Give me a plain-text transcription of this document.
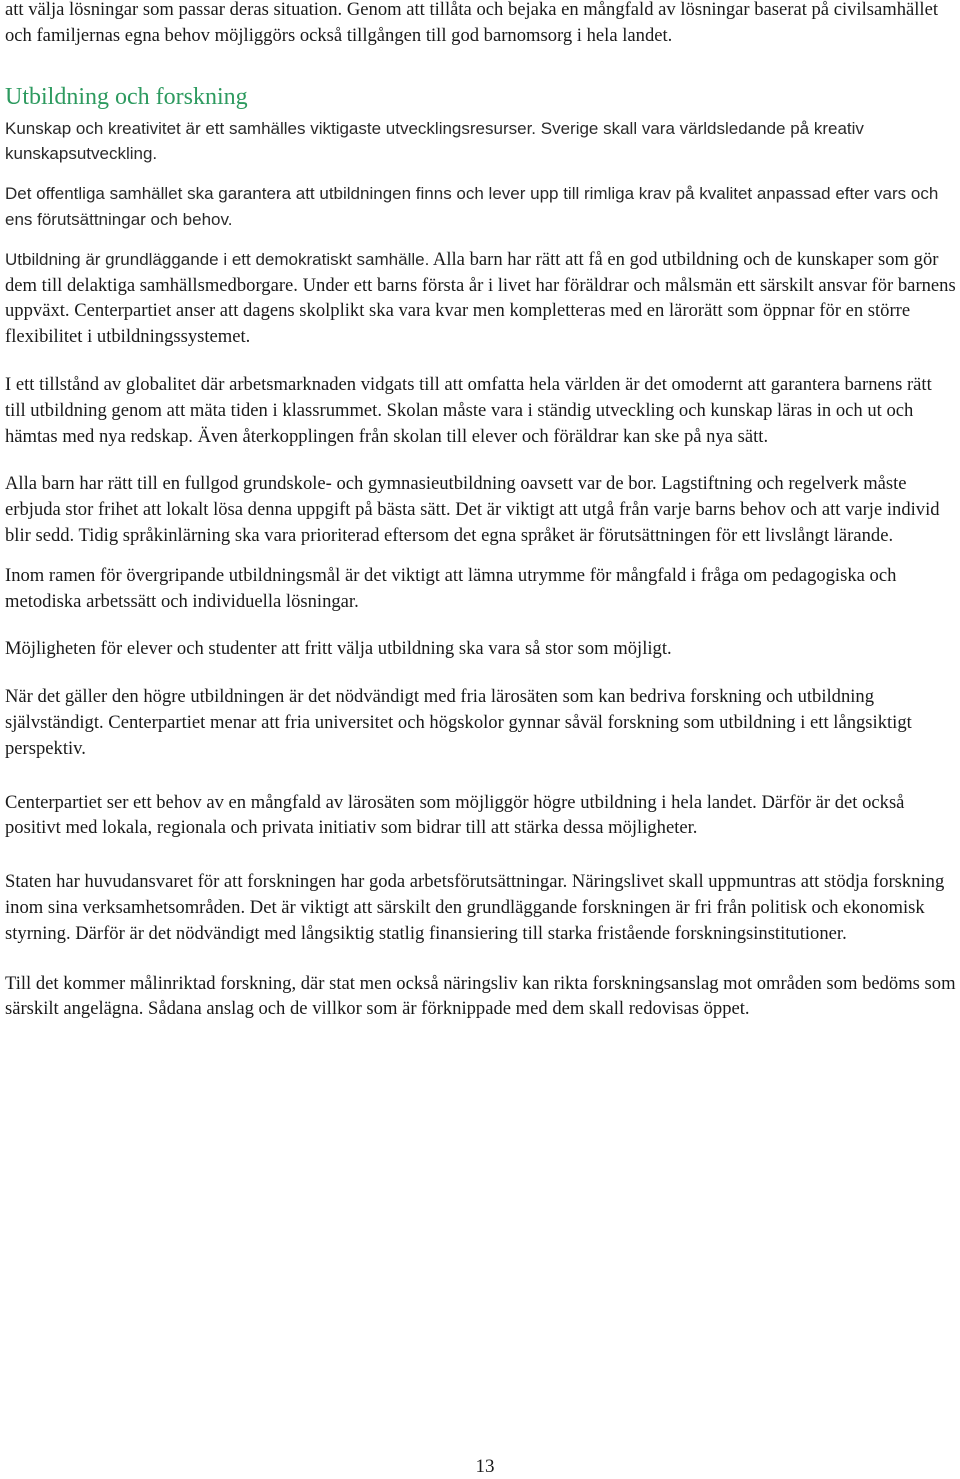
att välja lösningar som passar deras situation. Genom att tillåta och bejaka en mångfald av lösningar baserat på civilsamhället och familjernas egna behov möjliggörs också tillgången till god barnomsorg i hela landet.

Utbildning och forskning

Kunskap och kreativitet är ett samhälles viktigaste utvecklingsresurser. Sverige skall vara världsledande på kreativ kunskapsutveckling.

Det offentliga samhället ska garantera att utbildningen finns och lever upp till rimliga krav på kvalitet anpassad efter vars och ens förutsättningar och behov.

Utbildning är grundläggande i ett demokratiskt samhälle. Alla barn har rätt att få en god utbildning och de kunskaper som gör dem till delaktiga samhällsmedborgare. Under ett barns första år i livet har föräldrar och målsmän ett särskilt ansvar för barnens uppväxt. Centerpartiet anser att dagens skolplikt ska vara kvar men kompletteras med en lärorätt som öppnar för en större flexibilitet i utbildningssystemet.

I ett tillstånd av globalitet där arbetsmarknaden vidgats till att omfatta hela världen är det omodernt att garantera barnens rätt till utbildning genom att mäta tiden i klassrummet. Skolan måste vara i ständig utveckling och kunskap läras in och ut och hämtas med nya redskap. Även återkopplingen från skolan till elever och föräldrar kan ske på nya sätt.

Alla barn har rätt till en fullgod grundskole- och gymnasieutbildning oavsett var de bor. Lagstiftning och regelverk måste erbjuda stor frihet att lokalt lösa denna uppgift på bästa sätt. Det är viktigt att utgå från varje barns behov och att varje individ blir sedd. Tidig språkinlärning ska vara prioriterad eftersom det egna språket är förutsättningen för ett livslångt lärande.

Inom ramen för övergripande utbildningsmål är det viktigt att lämna utrymme för mångfald i fråga om pedagogiska och metodiska arbetssätt och individuella lösningar.

Möjligheten för elever och studenter att fritt välja utbildning ska vara så stor som möjligt.

När det gäller den högre utbildningen är det nödvändigt med fria lärosäten som kan bedriva forskning och utbildning självständigt. Centerpartiet menar att fria universitet och högskolor gynnar såväl forskning som utbildning i ett långsiktigt perspektiv.

Centerpartiet ser ett behov av en mångfald av lärosäten som möjliggör högre utbildning i hela landet. Därför är det också positivt med lokala, regionala och privata initiativ som bidrar till att stärka dessa möjligheter.

Staten har huvudansvaret för att forskningen har goda arbetsförutsättningar. Näringslivet skall uppmuntras att stödja forskning inom sina verksamhetsområden. Det är viktigt att särskilt den grundläggande forskningen är fri från politisk och ekonomisk styrning. Därför är det nödvändigt med långsiktig statlig finansiering till starka fristående forskningsinstitutioner.

Till det kommer målinriktad forskning, där stat men också näringsliv kan rikta forskningsanslag mot områden som bedöms som särskilt angelägna. Sådana anslag och de villkor som är förknippade med dem skall redovisas öppet.

13
